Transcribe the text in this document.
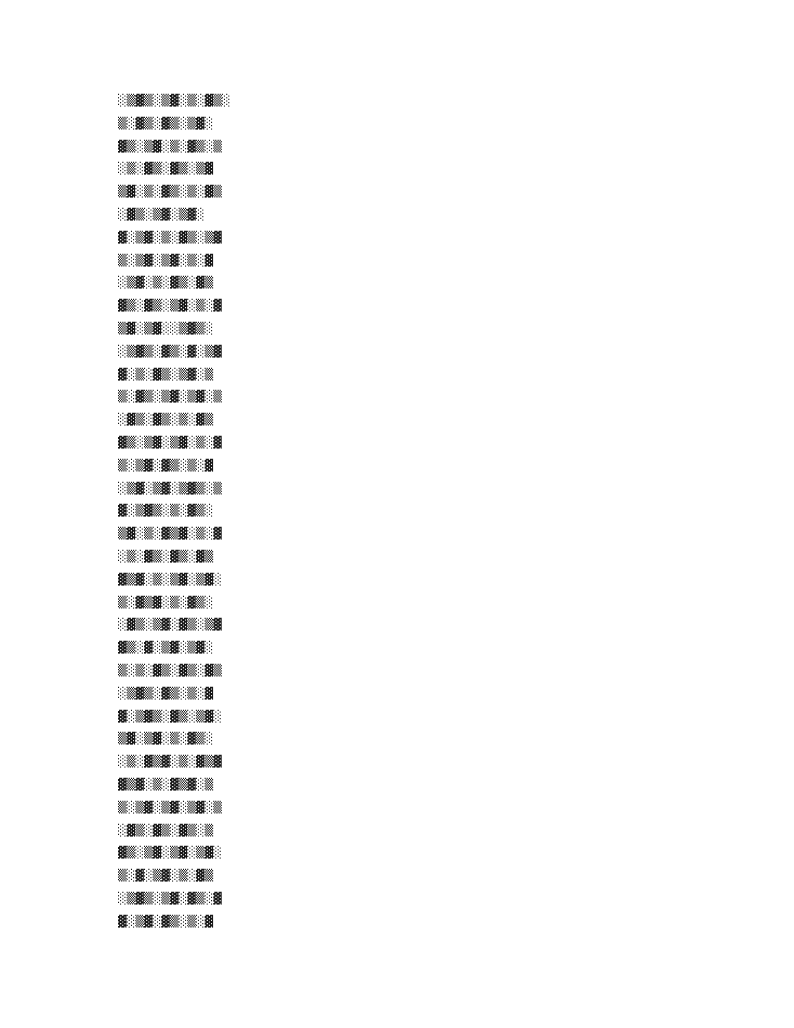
░▒▓▒░▒▓░▒░▓▒░
▒░▓▒░▓▒░▒▓░
▓▒░▒▓░▒░▓▒░▒
░▒░▓▒░▓▒░▒▓
▒▓░▒░▓▒░▒░▓▒
░▓▒░▒▓░▒▓░
▓░▒▓░▒░▓▒░▒▓
▒░▒▓░▒▓░▒░▓
░▒▓░▒░▓▒░▓▒
▓▒░▓▒░▒▓░▒░▓
▒▓░▒▓░░▒▓▒░
░▒▓▒░▓▒░▓░▒▓
▓░▒░▓▒░▒▓░▒
▒░▓▒░▒▓░▒▓░▒
░▓▒░▓▒░▒░▓▒
▓▒░▒▓░▒▓░▒░▓
▒░▒▓░▓▒░▒░▓
░▒▓░▒▓░▒▓▒░▒
▓░▒▓▒░▒░▓▒░
▒▓░▒░▓▒▓░▒░▓
░▒░▓▒░▓▒░▓▒
▓▒▓░▒░▒▓░▒▓░
▒░▓▒▓░▒░▓▒░
░▓▒░▒▓░▓▒░▒▓
▓▒░▓░▒▓░▒▓░
▒░▒░▓▒░▓▒░▓▒
░▒▓▒░▓▒░▒░▓
▓░▒▓▒░▓▒░▒▓░
▒▓░▒▓░▒░▓▒░
░▒░▓▒▓░▒░▓▒▓
▓▒▓░▒░▓▒▓░▒
▒░▒▓░▒▓░▒▓░▒
░▓▒░▓▒░▓▒░▒
▓▒░▒▓░▒▓░▒▓░
▒░▓░▒▓░▒░▓▒
░▒▓▒░▒▓░▓▒░▓
▓░▒▓░▓▒░▒░▓
